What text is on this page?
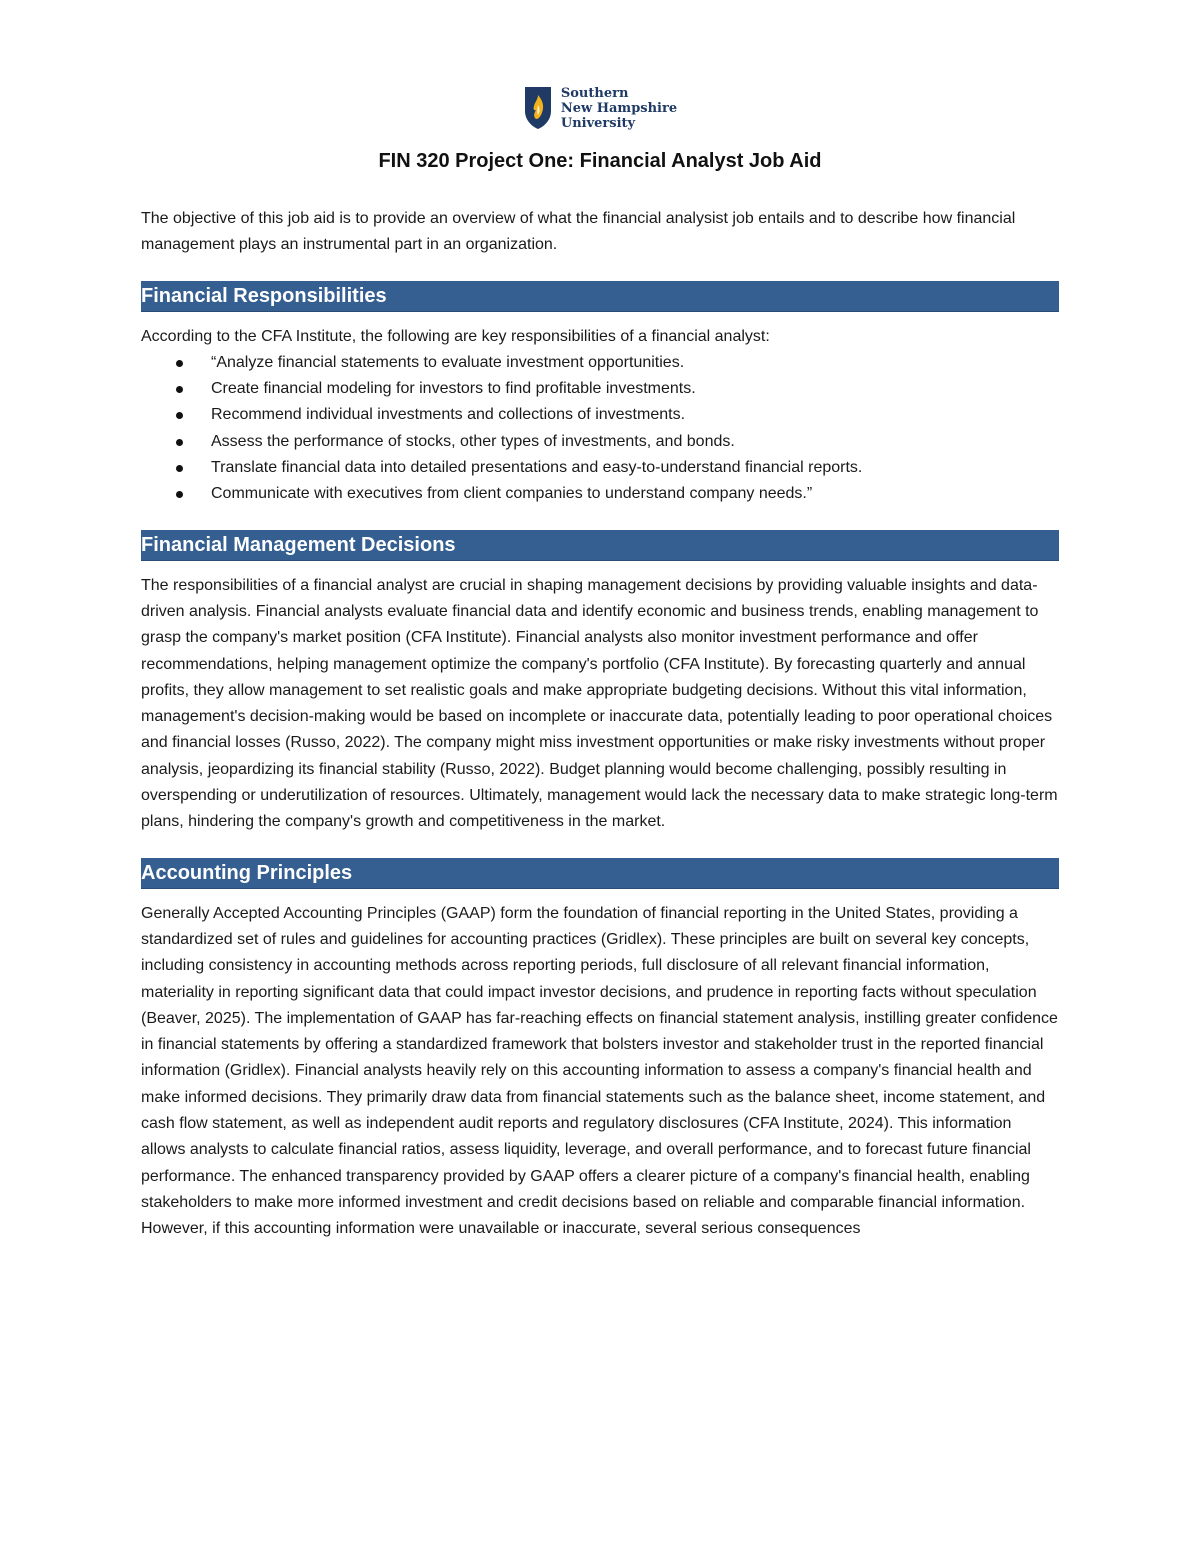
Southern
New Hampshire
University
FIN 320 Project One: Financial Analyst Job Aid
The objective of this job aid is to provide an overview of what the financial analysist job entails and to describe how financial management plays an instrumental part in an organization.
Financial Responsibilities
According to the CFA Institute, the following are key responsibilities of a financial analyst:
“Analyze financial statements to evaluate investment opportunities.
Create financial modeling for investors to find profitable investments.
Recommend individual investments and collections of investments.
Assess the performance of stocks, other types of investments, and bonds.
Translate financial data into detailed presentations and easy-to-understand financial reports.
Communicate with executives from client companies to understand company needs.”
Financial Management Decisions
The responsibilities of a financial analyst are crucial in shaping management decisions by providing valuable insights and data-driven analysis. Financial analysts evaluate financial data and identify economic and business trends, enabling management to grasp the company's market position (CFA Institute). Financial analysts also monitor investment performance and offer recommendations, helping management optimize the company's portfolio (CFA Institute). By forecasting quarterly and annual profits, they allow management to set realistic goals and make appropriate budgeting decisions. Without this vital information, management's decision-making would be based on incomplete or inaccurate data, potentially leading to poor operational choices and financial losses (Russo, 2022). The company might miss investment opportunities or make risky investments without proper analysis, jeopardizing its financial stability (Russo, 2022). Budget planning would become challenging, possibly resulting in overspending or underutilization of resources. Ultimately, management would lack the necessary data to make strategic long-term plans, hindering the company's growth and competitiveness in the market.
Accounting Principles
Generally Accepted Accounting Principles (GAAP) form the foundation of financial reporting in the United States, providing a standardized set of rules and guidelines for accounting practices (Gridlex). These principles are built on several key concepts, including consistency in accounting methods across reporting periods, full disclosure of all relevant financial information, materiality in reporting significant data that could impact investor decisions, and prudence in reporting facts without speculation (Beaver, 2025). The implementation of GAAP has far-reaching effects on financial statement analysis, instilling greater confidence in financial statements by offering a standardized framework that bolsters investor and stakeholder trust in the reported financial information (Gridlex). Financial analysts heavily rely on this accounting information to assess a company's financial health and make informed decisions. They primarily draw data from financial statements such as the balance sheet, income statement, and cash flow statement, as well as independent audit reports and regulatory disclosures (CFA Institute, 2024). This information allows analysts to calculate financial ratios, assess liquidity, leverage, and overall performance, and to forecast future financial performance. The enhanced transparency provided by GAAP offers a clearer picture of a company's financial health, enabling stakeholders to make more informed investment and credit decisions based on reliable and comparable financial information. However, if this accounting information were unavailable or inaccurate, several serious consequences
